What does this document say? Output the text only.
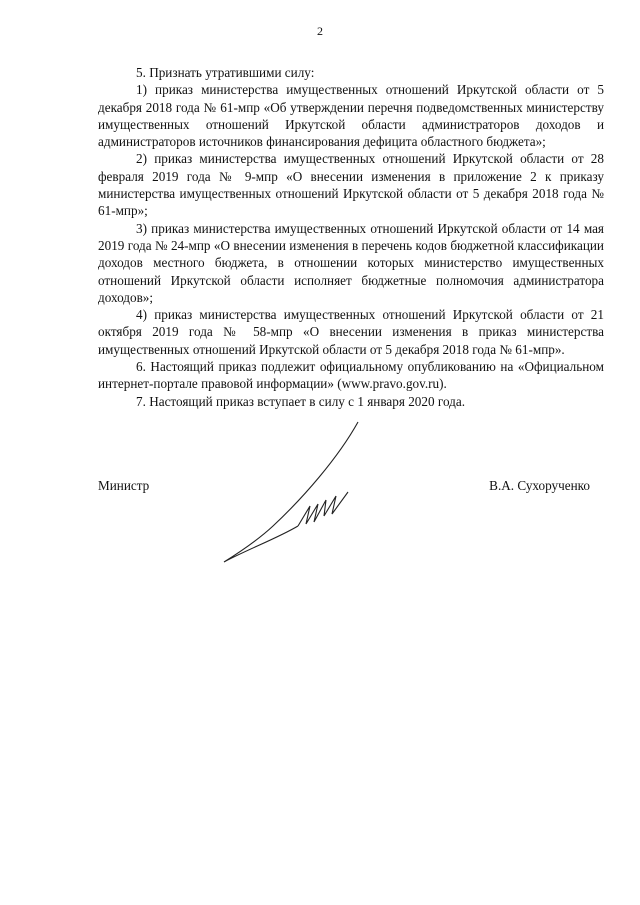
2

5. Признать утратившими силу:

1) приказ министерства имущественных отношений Иркутской области от 5 декабря 2018 года № 61-мпр «Об утверждении перечня подведомственных министерству имущественных отношений Иркутской области администраторов доходов и администраторов источников финансирования дефицита областного бюджета»;

2) приказ министерства имущественных отношений Иркутской области от 28 февраля 2019 года № 9-мпр «О внесении изменения в приложение 2 к приказу министерства имущественных отношений Иркутской области от 5 декабря 2018 года № 61-мпр»;

3) приказ министерства имущественных отношений Иркутской области от 14 мая 2019 года № 24-мпр «О внесении изменения в перечень кодов бюджетной классификации доходов местного бюджета, в отношении которых министерство имущественных отношений Иркутской области исполняет бюджетные полномочия администратора доходов»;

4) приказ министерства имущественных отношений Иркутской области от 21 октября 2019 года № 58-мпр «О внесении изменения в приказ министерства имущественных отношений Иркутской области от 5 декабря 2018 года № 61-мпр».

6. Настоящий приказ подлежит официальному опубликованию на «Официальном интернет-портале правовой информации» (www.pravo.gov.ru).

7. Настоящий приказ вступает в силу с 1 января 2020 года.

Министр	В.А. Сухорученко
